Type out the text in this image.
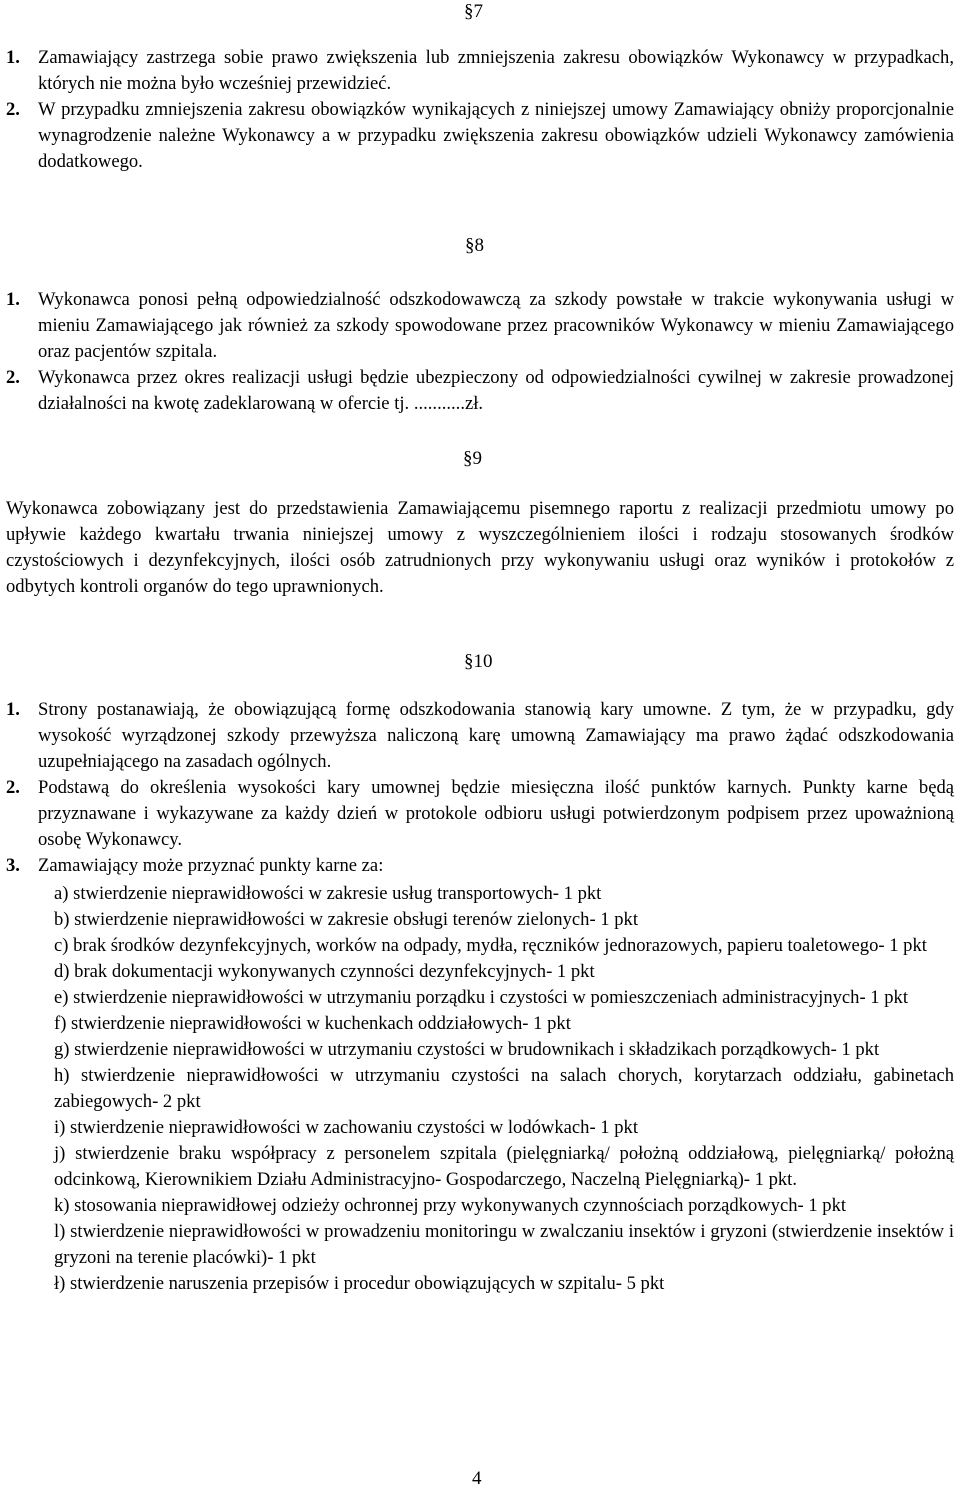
§7

1. Zamawiający zastrzega sobie prawo zwiększenia lub zmniejszenia zakresu obowiązków Wykonawcy w przypadkach, których nie można było wcześniej przewidzieć.

2. W przypadku zmniejszenia zakresu obowiązków wynikających z niniejszej umowy Zamawiający obniży proporcjonalnie wynagrodzenie należne Wykonawcy a w przypadku zwiększenia zakresu obowiązków udzieli Wykonawcy zamówienia dodatkowego.

§8

1. Wykonawca ponosi pełną odpowiedzialność odszkodowawczą za szkody powstałe w trakcie wykonywania usługi w mieniu Zamawiającego jak również za szkody spowodowane przez pracowników Wykonawcy w mieniu Zamawiającego oraz pacjentów szpitala.

2. Wykonawca przez okres realizacji usługi będzie ubezpieczony od odpowiedzialności cywilnej w zakresie prowadzonej działalności na kwotę zadeklarowaną w ofercie tj. ...........zł.

§9

Wykonawca zobowiązany jest do przedstawienia Zamawiającemu pisemnego raportu z realizacji przedmiotu umowy po upływie każdego kwartału trwania niniejszej umowy z wyszczególnieniem ilości i rodzaju stosowanych środków czystościowych i dezynfekcyjnych, ilości osób zatrudnionych przy wykonywaniu usługi oraz wyników i protokołów z odbytych kontroli organów do tego uprawnionych.

§10

1. Strony postanawiają, że obowiązującą formę odszkodowania stanowią kary umowne. Z tym, że w przypadku, gdy wysokość wyrządzonej szkody przewyższa naliczoną karę umowną Zamawiający ma prawo żądać odszkodowania uzupełniającego na zasadach ogólnych.

2. Podstawą do określenia wysokości kary umownej będzie miesięczna ilość punktów karnych. Punkty karne będą przyznawane i wykazywane za każdy dzień w protokole odbioru usługi potwierdzonym podpisem przez upoważnioną osobę Wykonawcy.

3. Zamawiający może przyznać punkty karne za:

a) stwierdzenie nieprawidłowości w zakresie usług transportowych- 1 pkt

b) stwierdzenie nieprawidłowości w zakresie obsługi terenów zielonych- 1 pkt

c) brak środków dezynfekcyjnych, worków na odpady, mydła, ręczników jednorazowych, papieru toaletowego- 1 pkt

d) brak dokumentacji wykonywanych czynności dezynfekcyjnych- 1 pkt

e) stwierdzenie nieprawidłowości w utrzymaniu porządku i czystości w pomieszczeniach administracyjnych- 1 pkt

f) stwierdzenie nieprawidłowości w kuchenkach oddziałowych- 1 pkt

g) stwierdzenie nieprawidłowości w utrzymaniu czystości w brudownikach i składzikach porządkowych- 1 pkt

h) stwierdzenie nieprawidłowości w utrzymaniu czystości na salach chorych, korytarzach oddziału, gabinetach zabiegowych- 2 pkt

i) stwierdzenie nieprawidłowości w zachowaniu czystości w lodówkach- 1 pkt

j) stwierdzenie braku współpracy z personelem szpitala (pielęgniarką/ położną oddziałową, pielęgniarką/ położną odcinkową, Kierownikiem Działu Administracyjno- Gospodarczego, Naczelną Pielęgniarką)- 1 pkt.

k) stosowania nieprawidłowej odzieży ochronnej przy wykonywanych czynnościach porządkowych- 1 pkt

l) stwierdzenie nieprawidłowości w prowadzeniu monitoringu w zwalczaniu insektów i gryzoni (stwierdzenie insektów i gryzoni na terenie placówki)- 1 pkt

ł) stwierdzenie naruszenia przepisów i procedur obowiązujących w szpitalu- 5 pkt

4
